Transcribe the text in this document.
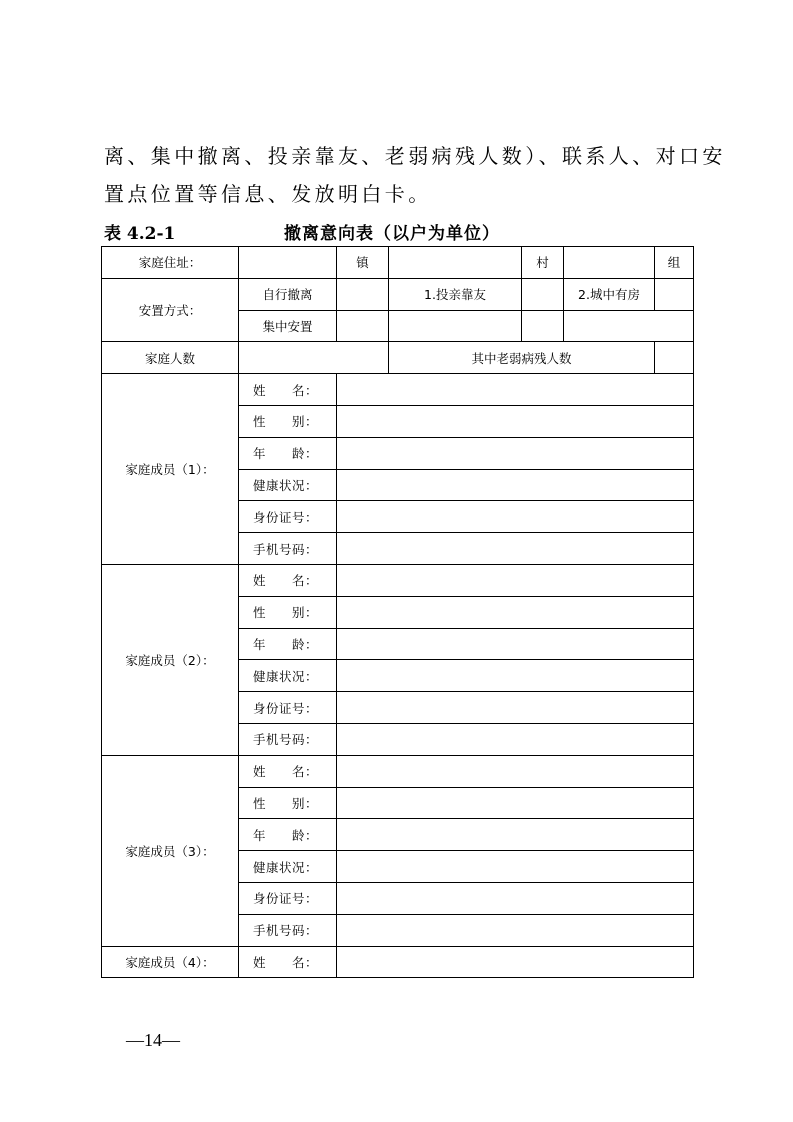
离、集中撤离、投亲靠友、老弱病残人数）、联系人、对口安

置点位置等信息、发放明白卡。

表 4.2-1	撤离意向表（以户为单位）
家庭住址：		镇		村		组
安置方式：	自行撤离		1.投亲靠友		2.城中有房	
	集中安置					
家庭人数			其中老弱病残人数			
家庭成员（1）：	姓　　名：					
	性　　别：					
	年　　龄：					
	健康状况：					
	身份证号：					
	手机号码：					
家庭成员（2）：	姓　　名：					
	性　　别：					
	年　　龄：					
	健康状况：					
	身份证号：					
	手机号码：					
家庭成员（3）：	姓　　名：					
	性　　别：					
	年　　龄：					
	健康状况：					
	身份证号：					
	手机号码：					
家庭成员（4）：	姓　　名：					
—14—
